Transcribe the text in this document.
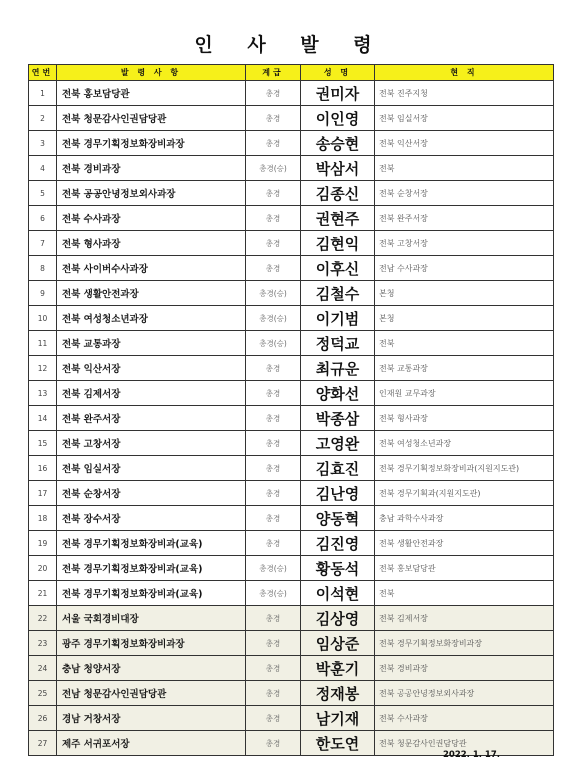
인 사 발 령
연번	발 령 사 항	계급	성 명	현 직
1	전북 홍보담당관	총경	권미자	전북 진주지청
2	전북 청문감사인권담당관	총경	이인영	전북 임실서장
3	전북 경무기획정보화장비과장	총경	송승현	전북 익산서장
4	전북 경비과장	총경(승)	박삼서	전북
5	전북 공공안녕정보외사과장	총경	김종신	전북 순창서장
6	전북 수사과장	총경	권현주	전북 완주서장
7	전북 형사과장	총경	김현익	전북 고창서장
8	전북 사이버수사과장	총경	이후신	전남 수사과장
9	전북 생활안전과장	총경(승)	김철수	본청
10	전북 여성청소년과장	총경(승)	이기범	본청
11	전북 교통과장	총경(승)	정덕교	전북
12	전북 익산서장	총경	최규운	전북 교통과장
13	전북 김제서장	총경	양화선	인재원 교무과장
14	전북 완주서장	총경	박종삼	전북 형사과장
15	전북 고창서장	총경	고영완	전북 여성청소년과장
16	전북 임실서장	총경	김효진	전북 경무기획정보화장비과(지원지도관)
17	전북 순창서장	총경	김난영	전북 경무기획과(지원지도관)
18	전북 장수서장	총경	양동혁	충남 과학수사과장
19	전북 경무기획정보화장비과(교육)	총경	김진영	전북 생활안전과장
20	전북 경무기획정보화장비과(교육)	총경(승)	황동석	전북 홍보담당관
21	전북 경무기획정보화장비과(교육)	총경(승)	이석현	전북
22	서울 국회경비대장	총경	김상영	전북 김제서장
23	광주 경무기획정보화장비과장	총경	임상준	전북 경무기획정보화장비과장
24	충남 청양서장	총경	박훈기	전북 경비과장
25	전남 청문감사인권담당관	총경	정재봉	전북 공공안녕정보외사과장
26	경남 거창서장	총경	남기재	전북 수사과장
27	제주 서귀포서장	총경	한도연	전북 청문감사인권담당관
2022. 1. 17.
